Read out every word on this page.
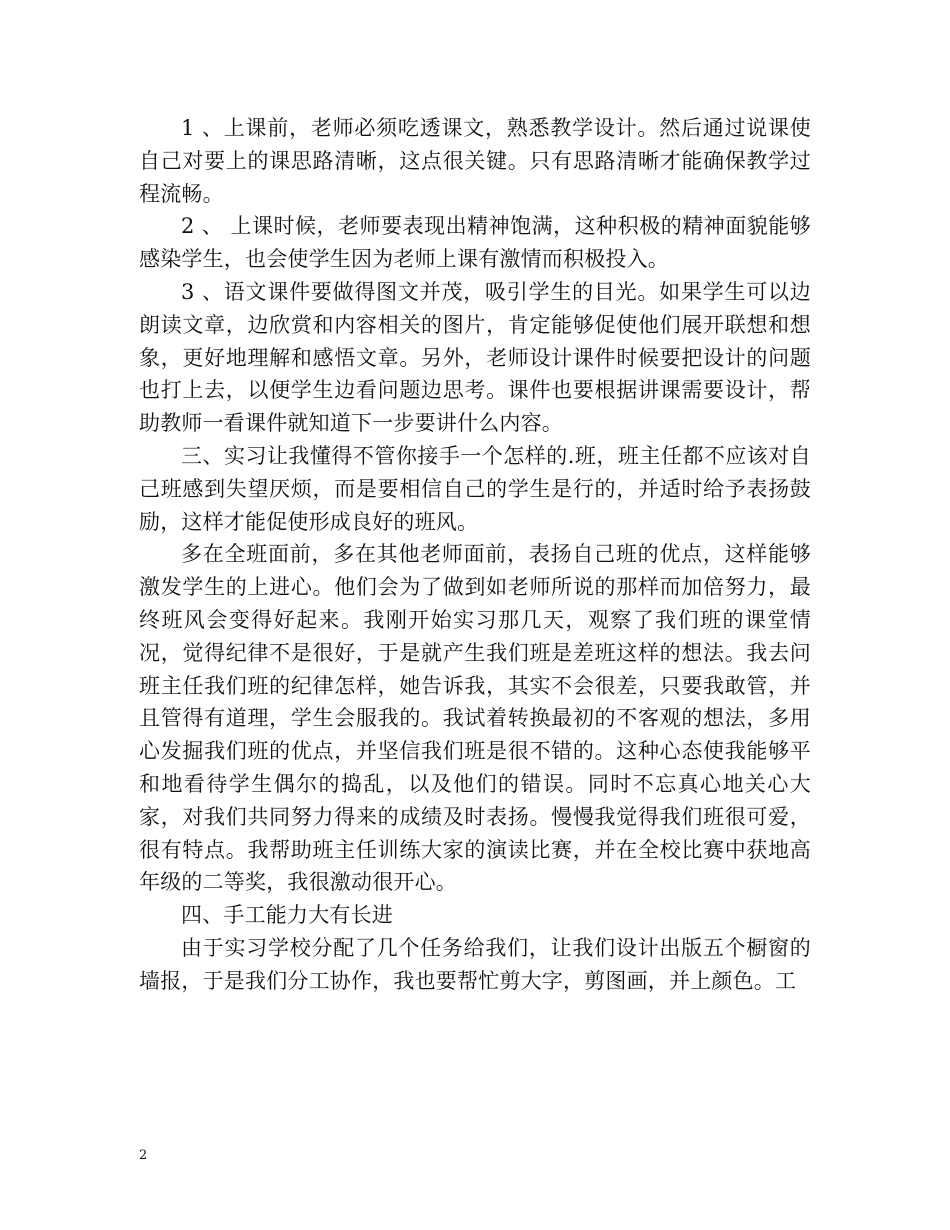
1 、上课前，老师必须吃透课文，熟悉教学设计。然后通过说课使自己对要上的课思路清晰，这点很关键。只有思路清晰才能确保教学过程流畅。

2 、 上课时候，老师要表现出精神饱满，这种积极的精神面貌能够感染学生，也会使学生因为老师上课有激情而积极投入。

3 、语文课件要做得图文并茂，吸引学生的目光。如果学生可以边朗读文章，边欣赏和内容相关的图片，肯定能够促使他们展开联想和想象，更好地理解和感悟文章。另外，老师设计课件时候要把设计的问题也打上去，以便学生边看问题边思考。课件也要根据讲课需要设计，帮助教师一看课件就知道下一步要讲什么内容。

三、实习让我懂得不管你接手一个怎样的.班，班主任都不应该对自己班感到失望厌烦，而是要相信自己的学生是行的，并适时给予表扬鼓励，这样才能促使形成良好的班风。

多在全班面前，多在其他老师面前，表扬自己班的优点，这样能够激发学生的上进心。他们会为了做到如老师所说的那样而加倍努力，最终班风会变得好起来。我刚开始实习那几天，观察了我们班的课堂情况，觉得纪律不是很好，于是就产生我们班是差班这样的想法。我去问班主任我们班的纪律怎样，她告诉我，其实不会很差，只要我敢管，并且管得有道理，学生会服我的。我试着转换最初的不客观的想法，多用心发掘我们班的优点，并坚信我们班是很不错的。这种心态使我能够平和地看待学生偶尔的捣乱，以及他们的错误。同时不忘真心地关心大家，对我们共同努力得来的成绩及时表扬。慢慢我觉得我们班很可爱，很有特点。我帮助班主任训练大家的演读比赛，并在全校比赛中获地高年级的二等奖，我很激动很开心。

四、手工能力大有长进

由于实习学校分配了几个任务给我们，让我们设计出版五个橱窗的墙报，于是我们分工协作，我也要帮忙剪大字，剪图画，并上颜色。工

2
